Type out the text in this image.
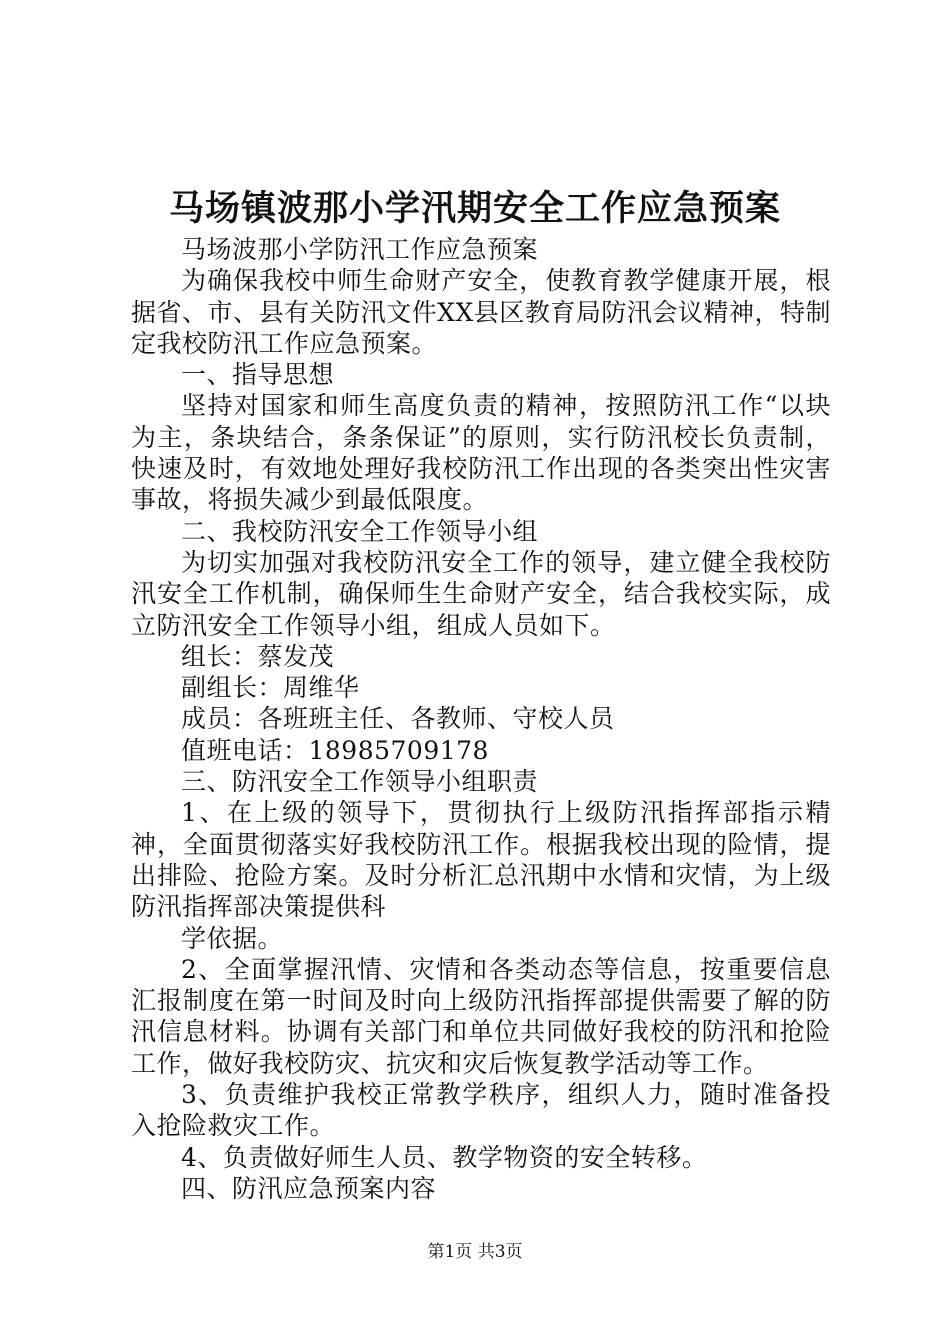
马场镇波那小学汛期安全工作应急预案

马场波那小学防汛工作应急预案

为确保我校中师生命财产安全，使教育教学健康开展，根据省、市、县有关防汛文件XX县区教育局防汛会议精神，特制定我校防汛工作应急预案。

一、指导思想

坚持对国家和师生高度负责的精神，按照防汛工作“以块为主，条块结合，条条保证”的原则，实行防汛校长负责制，快速及时，有效地处理好我校防汛工作出现的各类突出性灾害事故，将损失减少到最低限度。

二、我校防汛安全工作领导小组

为切实加强对我校防汛安全工作的领导，建立健全我校防汛安全工作机制，确保师生生命财产安全，结合我校实际，成立防汛安全工作领导小组，组成人员如下。

组长：蔡发茂

副组长：周维华

成员：各班班主任、各教师、守校人员

值班电话：18985709178

三、防汛安全工作领导小组职责

1、在上级的领导下，贯彻执行上级防汛指挥部指示精神，全面贯彻落实好我校防汛工作。根据我校出现的险情，提出排险、抢险方案。及时分析汇总汛期中水情和灾情，为上级防汛指挥部决策提供科

学依据。

2、全面掌握汛情、灾情和各类动态等信息，按重要信息汇报制度在第一时间及时向上级防汛指挥部提供需要了解的防汛信息材料。协调有关部门和单位共同做好我校的防汛和抢险工作，做好我校防灾、抗灾和灾后恢复教学活动等工作。

3、负责维护我校正常教学秩序，组织人力，随时准备投入抢险救灾工作。

4、负责做好师生人员、教学物资的安全转移。

四、防汛应急预案内容

第1页 共3页
